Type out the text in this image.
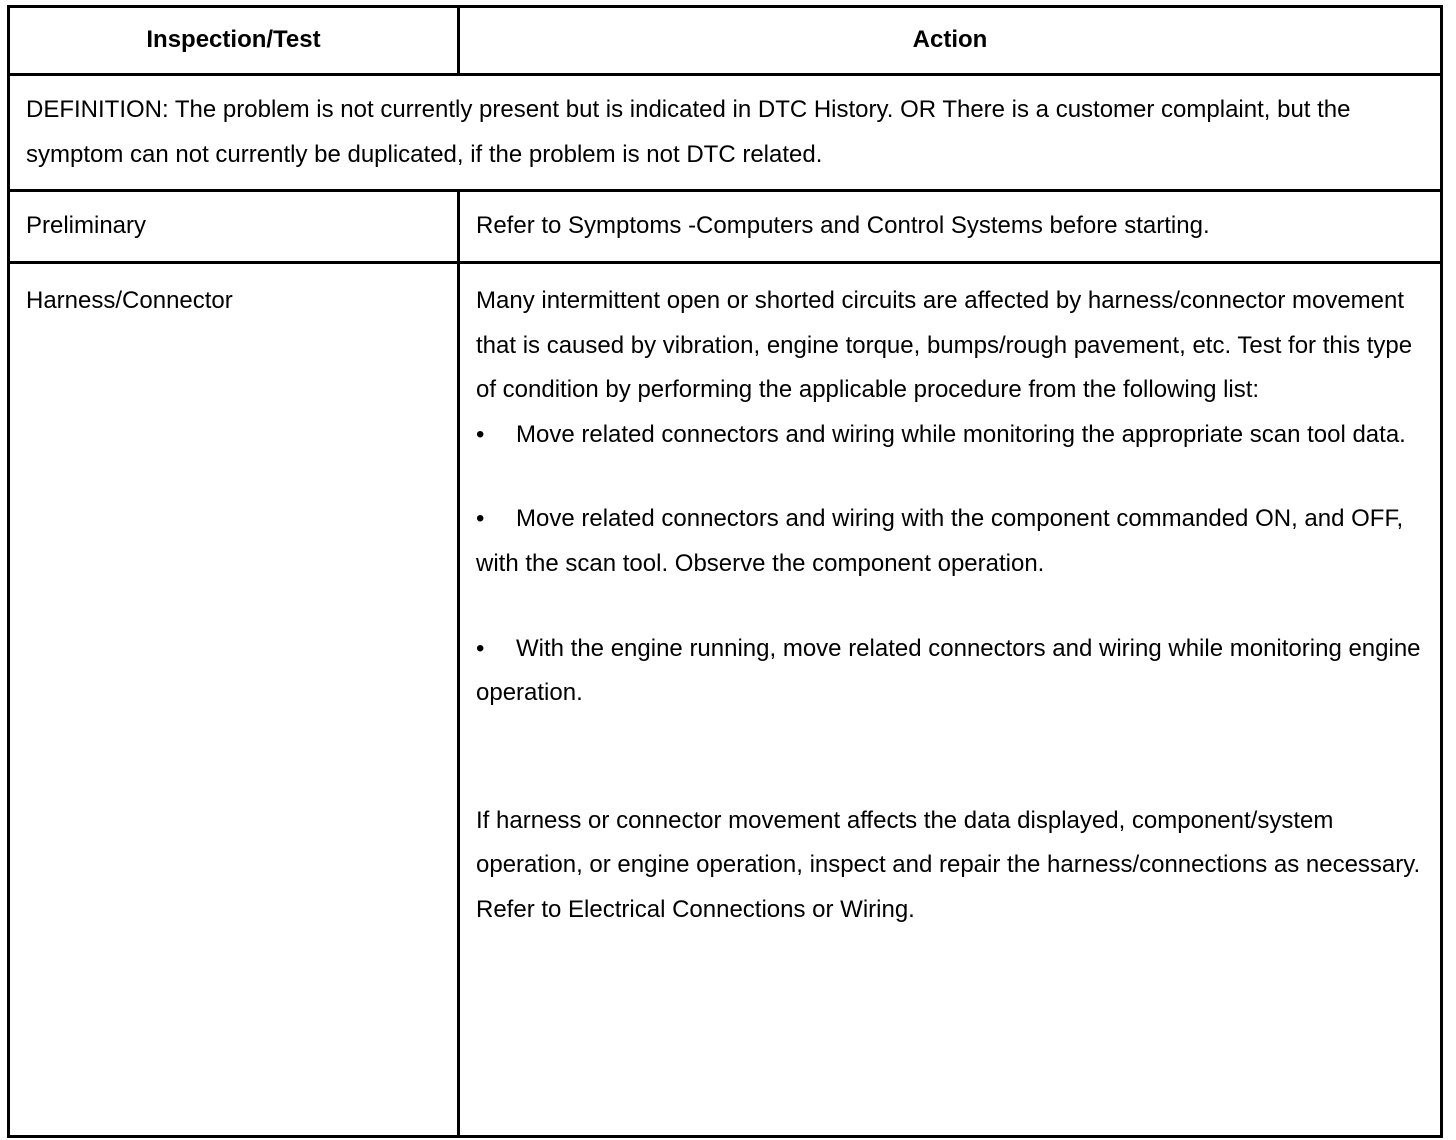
Inspection/Test	Action
DEFINITION: The problem is not currently present but is indicated in DTC History. OR There is a customer complaint, but the symptom can not currently be duplicated, if the problem is not DTC related.	
Preliminary	Refer to Symptoms -Computers and Control Systems before starting.
Harness/Connector	Many intermittent open or shorted circuits are affected by harness/connector movement that is caused by vibration, engine torque, bumps/rough pavement, etc. Test for this type of condition by performing the applicable procedure from the following list:

• Move related connectors and wiring while monitoring the appropriate scan tool data.

• Move related connectors and wiring with the component commanded ON, and OFF, with the scan tool. Observe the component operation.

• With the engine running, move related connectors and wiring while monitoring engine operation.

If harness or connector movement affects the data displayed, component/system operation, or engine operation, inspect and repair the harness/connections as necessary. Refer to Electrical Connections or Wiring.
